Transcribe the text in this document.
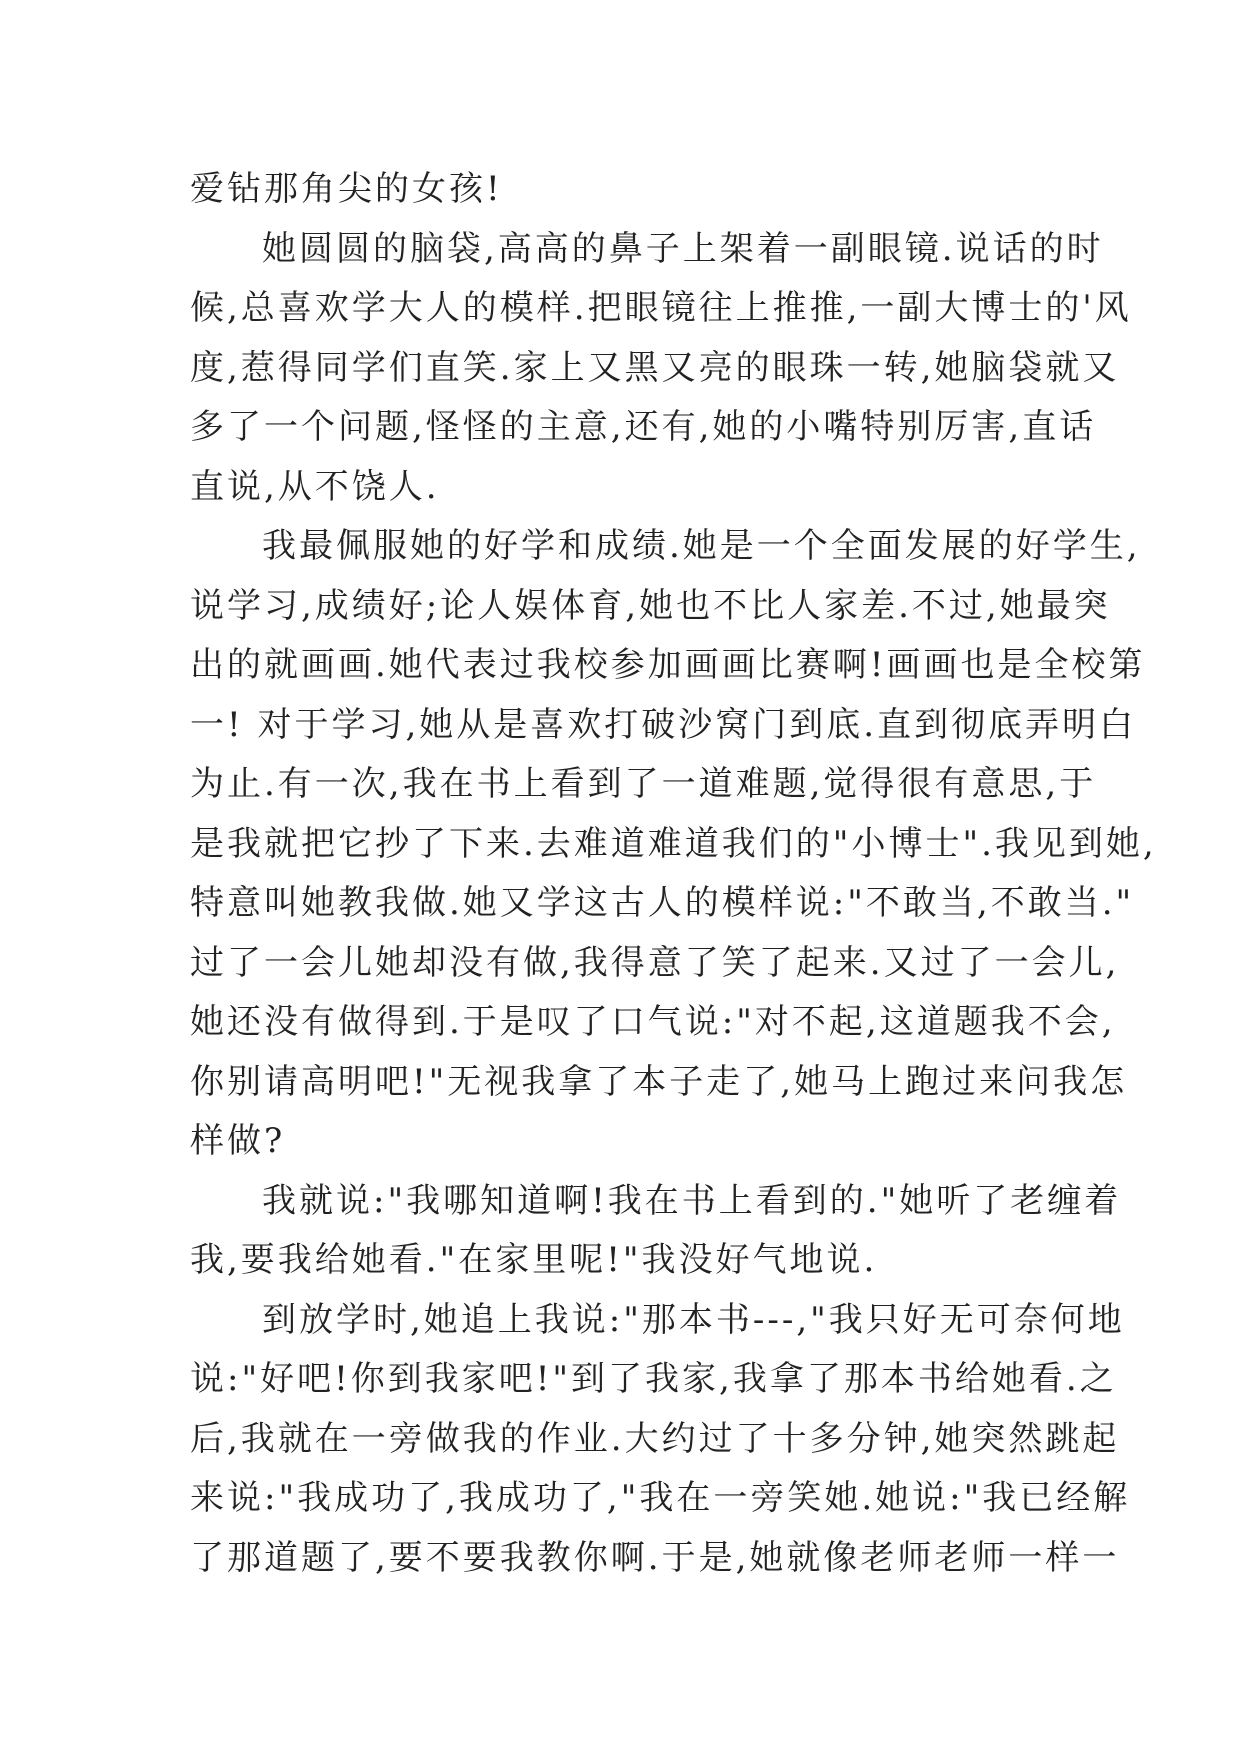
爱钻那角尖的女孩!
她圆圆的脑袋,高高的鼻子上架着一副眼镜.说话的时
候,总喜欢学大人的模样.把眼镜往上推推,一副大博士的'风
度,惹得同学们直笑.家上又黑又亮的眼珠一转,她脑袋就又
多了一个问题,怪怪的主意,还有,她的小嘴特别厉害,直话
直说,从不饶人.
我最佩服她的好学和成绩.她是一个全面发展的好学生,
说学习,成绩好;论人娱体育,她也不比人家差.不过,她最突
出的就画画.她代表过我校参加画画比赛啊!画画也是全校第
一! 对于学习,她从是喜欢打破沙窝门到底.直到彻底弄明白
为止.有一次,我在书上看到了一道难题,觉得很有意思,于
是我就把它抄了下来.去难道难道我们的"小博士".我见到她,
特意叫她教我做.她又学这古人的模样说:"不敢当,不敢当."
过了一会儿她却没有做,我得意了笑了起来.又过了一会儿,
她还没有做得到.于是叹了口气说:"对不起,这道题我不会,
你别请高明吧!"无视我拿了本子走了,她马上跑过来问我怎
样做?
我就说:"我哪知道啊!我在书上看到的."她听了老缠着
我,要我给她看."在家里呢!"我没好气地说.
到放学时,她追上我说:"那本书---,"我只好无可奈何地
说:"好吧!你到我家吧!"到了我家,我拿了那本书给她看.之
后,我就在一旁做我的作业.大约过了十多分钟,她突然跳起
来说:"我成功了,我成功了,"我在一旁笑她.她说:"我已经解
了那道题了,要不要我教你啊.于是,她就像老师老师一样一
